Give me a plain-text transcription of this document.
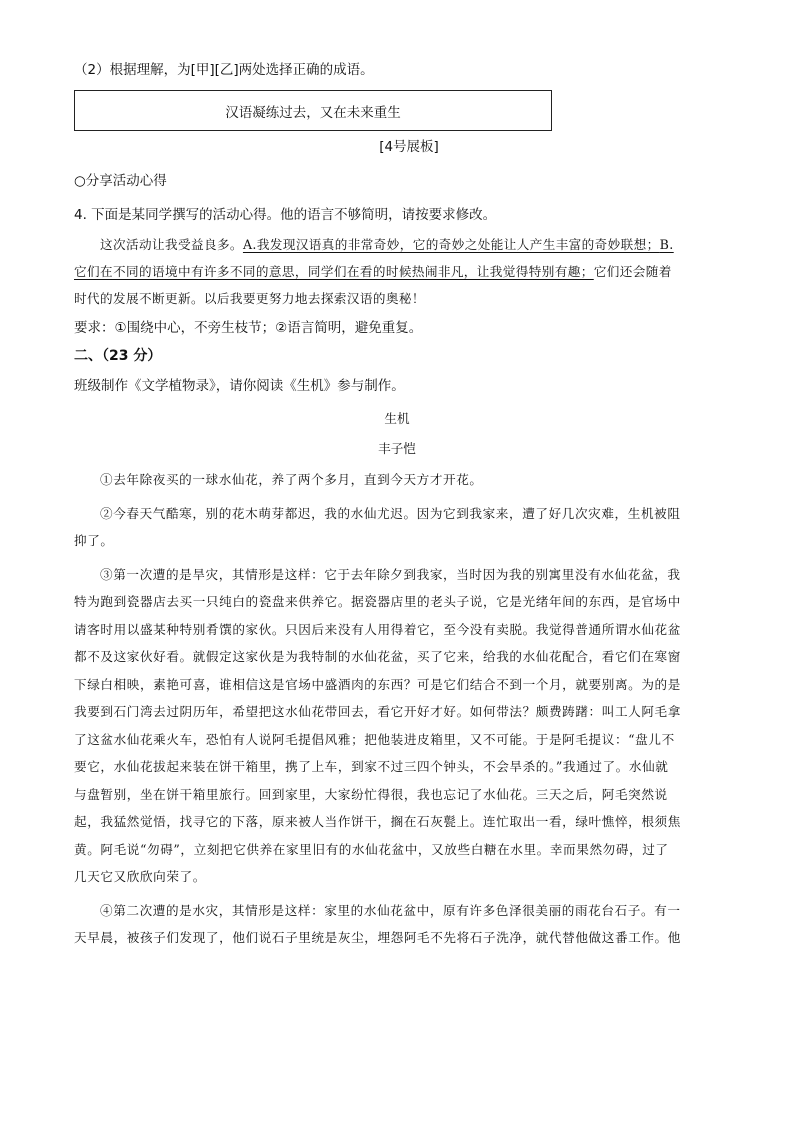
（2）根据理解，为[甲][乙]两处选择正确的成语。

汉语凝练过去，又在未来重生
[4号展板]

○分享活动心得

4. 下面是某同学撰写的活动心得。他的语言不够简明，请按要求修改。

这次活动让我受益良多。A.我发现汉语真的非常奇妙，它的奇妙之处能让人产生丰富的奇妙联想；B.

它们在不同的语境中有许多不同的意思，同学们在看的时候热闹非凡，让我觉得特别有趣；它们还会随着

时代的发展不断更新。以后我要更努力地去探索汉语的奥秘！

要求：①围绕中心，不旁生枝节；②语言简明，避免重复。

二、（23 分）

班级制作《文学植物录》，请你阅读《生机》参与制作。

生机
丰子恺

①去年除夜买的一球水仙花，养了两个多月，直到今天方才开花。

②今春天气酷寒，别的花木萌芽都迟，我的水仙尤迟。因为它到我家来，遭了好几次灾难，生机被阻

抑了。

③第一次遭的是旱灾，其情形是这样：它于去年除夕到我家，当时因为我的别寓里没有水仙花盆，我

特为跑到瓷器店去买一只纯白的瓷盘来供养它。据瓷器店里的老头子说，它是光绪年间的东西，是官场中

请客时用以盛某种特别肴馔的家伙。只因后来没有人用得着它，至今没有卖脱。我觉得普通所谓水仙花盆

都不及这家伙好看。就假定这家伙是为我特制的水仙花盆，买了它来，给我的水仙花配合，看它们在寒窗

下绿白相映，素艳可喜，谁相信这是官场中盛酒肉的东西？可是它们结合不到一个月，就要别离。为的是

我要到石门湾去过阴历年，希望把这水仙花带回去，看它开好才好。如何带法？颇费踌躇：叫工人阿毛拿

了这盆水仙花乘火车，恐怕有人说阿毛提倡风雅；把他装进皮箱里，又不可能。于是阿毛提议：“盘儿不

要它，水仙花拔起来装在饼干箱里，携了上车，到家不过三四个钟头，不会旱杀的。”我通过了。水仙就

与盘暂别，坐在饼干箱里旅行。回到家里，大家纷忙得很，我也忘记了水仙花。三天之后，阿毛突然说

起，我猛然觉悟，找寻它的下落，原来被人当作饼干，搁在石灰甏上。连忙取出一看，绿叶憔悴，根须焦

黄。阿毛说“勿碍”，立刻把它供养在家里旧有的水仙花盆中，又放些白糖在水里。幸而果然勿碍，过了

几天它又欣欣向荣了。

④第二次遭的是水灾，其情形是这样：家里的水仙花盆中，原有许多色泽很美丽的雨花台石子。有一

天早晨，被孩子们发现了，他们说石子里统是灰尘，埋怨阿毛不先将石子洗净，就代替他做这番工作。他
